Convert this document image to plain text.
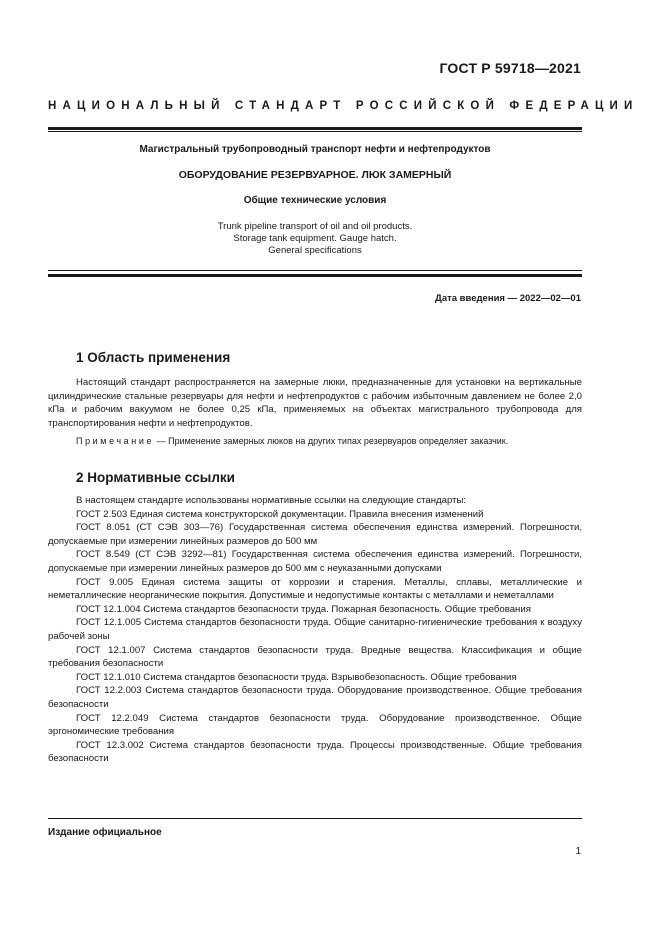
ГОСТ Р 59718—2021
НАЦИОНАЛЬНЫЙ СТАНДАРТ РОССИЙСКОЙ ФЕДЕРАЦИИ
Магистральный трубопроводный транспорт нефти и нефтепродуктов
ОБОРУДОВАНИЕ РЕЗЕРВУАРНОЕ. ЛЮК ЗАМЕРНЫЙ
Общие технические условия
Trunk pipeline transport of oil and oil products.
Storage tank equipment. Gauge hatch.
General specifications
Дата введения — 2022—02—01
1 Область применения

Настоящий стандарт распространяется на замерные люки, предназначенные для установки на вертикальные цилиндрические стальные резервуары для нефти и нефтепродуктов с рабочим избыточным давлением не более 2,0 кПа и рабочим вакуумом не более 0,25 кПа, применяемых на объектах магистрального трубопровода для транспортирования нефти и нефтепродуктов.

Примечание — Применение замерных люков на других типах резервуаров определяет заказчик.
2 Нормативные ссылки

В настоящем стандарте использованы нормативные ссылки на следующие стандарты:

ГОСТ 2.503 Единая система конструкторской документации. Правила внесения изменений

ГОСТ 8.051 (СТ СЭВ 303—76) Государственная система обеспечения единства измерений. Погрешности, допускаемые при измерении линейных размеров до 500 мм

ГОСТ 8.549 (СТ СЭВ 3292—81) Государственная система обеспечения единства измерений. Погрешности, допускаемые при измерении линейных размеров до 500 мм с неуказанными допусками

ГОСТ 9.005 Единая система защиты от коррозии и старения. Металлы, сплавы, металлические и неметаллические неорганические покрытия. Допустимые и недопустимые контакты с металлами и неметаллами

ГОСТ 12.1.004 Система стандартов безопасности труда. Пожарная безопасность. Общие требования

ГОСТ 12.1.005 Система стандартов безопасности труда. Общие санитарно-гигиенические требования к воздуху рабочей зоны

ГОСТ 12.1.007 Система стандартов безопасности труда. Вредные вещества. Классификация и общие требования безопасности

ГОСТ 12.1.010 Система стандартов безопасности труда. Взрывобезопасность. Общие требования

ГОСТ 12.2.003 Система стандартов безопасности труда. Оборудование производственное. Общие требования безопасности

ГОСТ 12.2.049 Система стандартов безопасности труда. Оборудование производственное. Общие эргономические требования

ГОСТ 12.3.002 Система стандартов безопасности труда. Процессы производственные. Общие требования безопасности

Издание официальное
1
